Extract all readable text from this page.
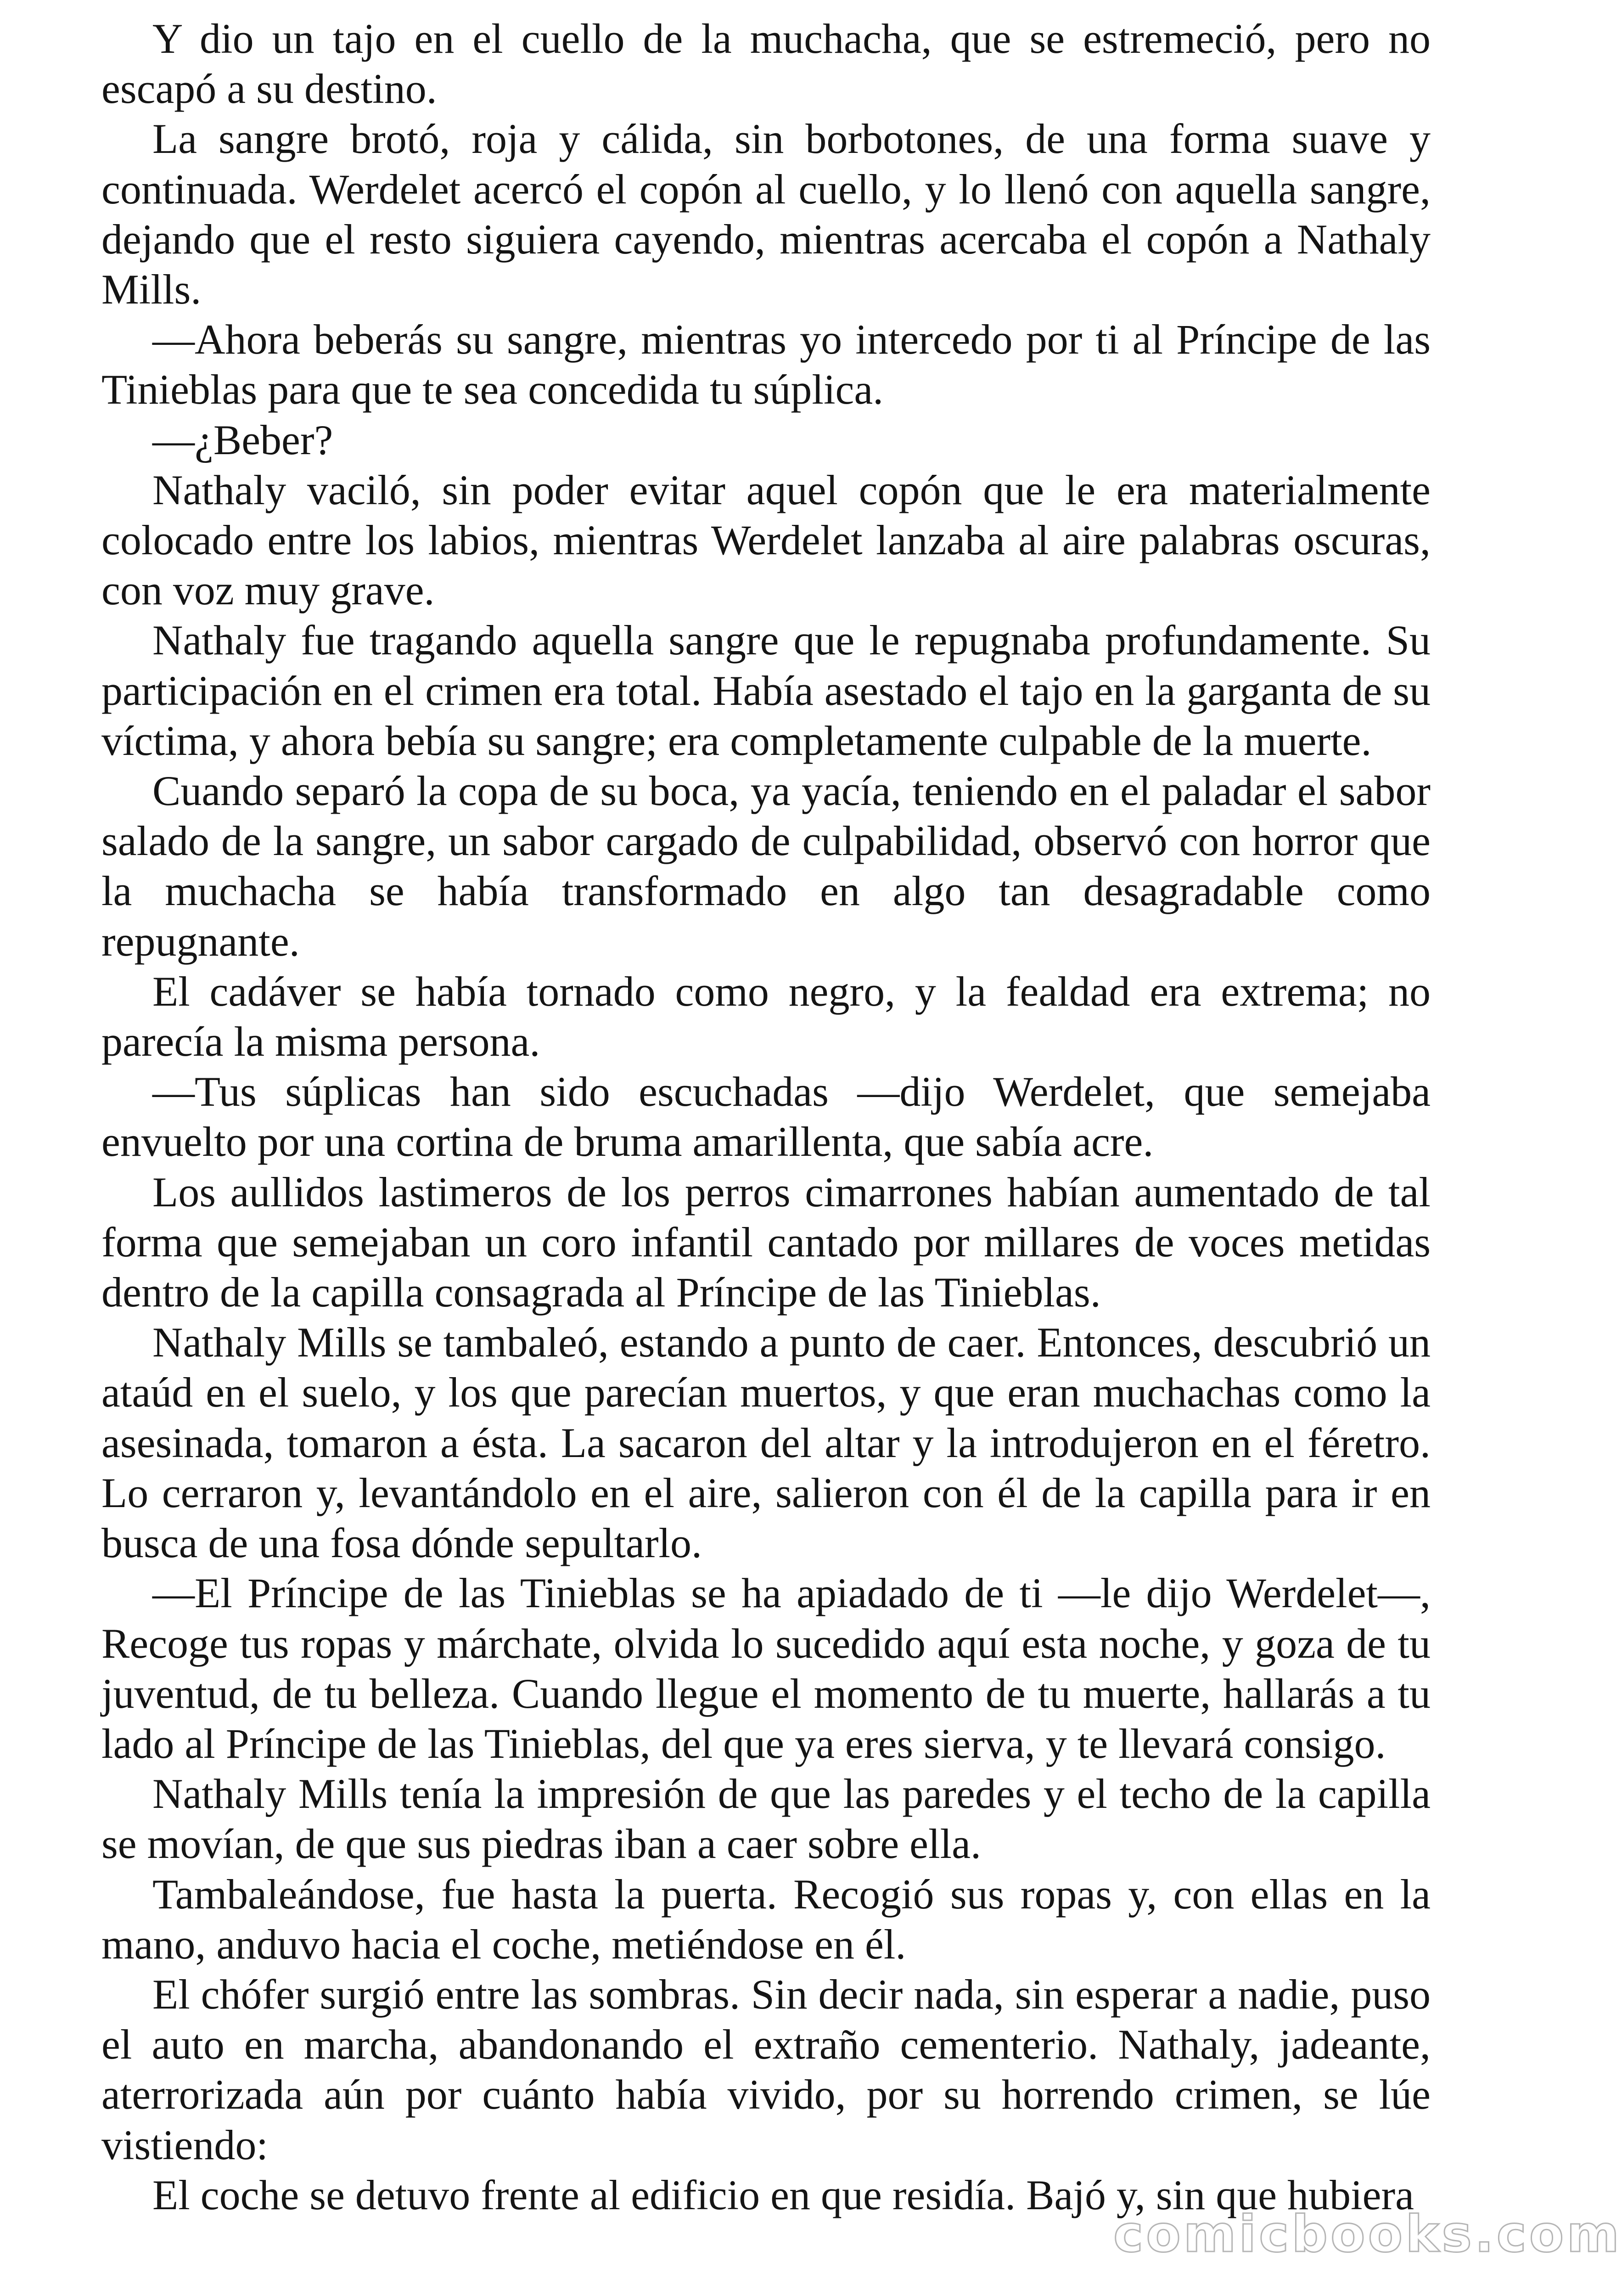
Y dio un tajo en el cuello de la muchacha, que se estremeció, pero no escapó a su destino.

La sangre brotó, roja y cálida, sin borbotones, de una forma suave y continuada. Werdelet acercó el copón al cuello, y lo llenó con aquella sangre, dejando que el resto siguiera cayendo, mientras acercaba el copón a Nathaly Mills.

—Ahora beberás su sangre, mientras yo intercedo por ti al Príncipe de las Tinieblas para que te sea concedida tu súplica.

—¿Beber?

Nathaly vaciló, sin poder evitar aquel copón que le era materialmente colocado entre los labios, mientras Werdelet lanzaba al aire palabras oscuras, con voz muy grave.

Nathaly fue tragando aquella sangre que le repugnaba profundamente. Su participación en el crimen era total. Había asestado el tajo en la garganta de su víctima, y ahora bebía su sangre; era completamente culpable de la muerte.

Cuando separó la copa de su boca, ya yacía, teniendo en el paladar el sabor salado de la sangre, un sabor cargado de culpabilidad, observó con horror que la muchacha se había transformado en algo tan desagradable como repugnante.

El cadáver se había tornado como negro, y la fealdad era extrema; no parecía la misma persona.

—Tus súplicas han sido escuchadas —dijo Werdelet, que semejaba envuelto por una cortina de bruma amarillenta, que sabía acre.

Los aullidos lastimeros de los perros cimarrones habían aumentado de tal forma que semejaban un coro infantil cantado por millares de voces metidas dentro de la capilla consagrada al Príncipe de las Tinieblas.

Nathaly Mills se tambaleó, estando a punto de caer. Entonces, descubrió un ataúd en el suelo, y los que parecían muertos, y que eran muchachas como la asesinada, tomaron a ésta. La sacaron del altar y la introdujeron en el féretro. Lo cerraron y, levantándolo en el aire, salieron con él de la capilla para ir en busca de una fosa dónde sepultarlo.

—El Príncipe de las Tinieblas se ha apiadado de ti —le dijo Werdelet—, Recoge tus ropas y márchate, olvida lo sucedido aquí esta noche, y goza de tu juventud, de tu belleza. Cuando llegue el momento de tu muerte, hallarás a tu lado al Príncipe de las Tinieblas, del que ya eres sierva, y te llevará consigo.

Nathaly Mills tenía la impresión de que las paredes y el techo de la capilla se movían, de que sus piedras iban a caer sobre ella.

Tambaleándose, fue hasta la puerta. Recogió sus ropas y, con ellas en la mano, anduvo hacia el coche, metiéndose en él.

El chófer surgió entre las sombras. Sin decir nada, sin esperar a nadie, puso el auto en marcha, abandonando el extraño cementerio. Nathaly, jadeante, aterrorizada aún por cuánto había vivido, por su horrendo crimen, se lúe vistiendo:

El coche se detuvo frente al edificio en que residía. Bajó y, sin que hubiera

comicbooks.com
